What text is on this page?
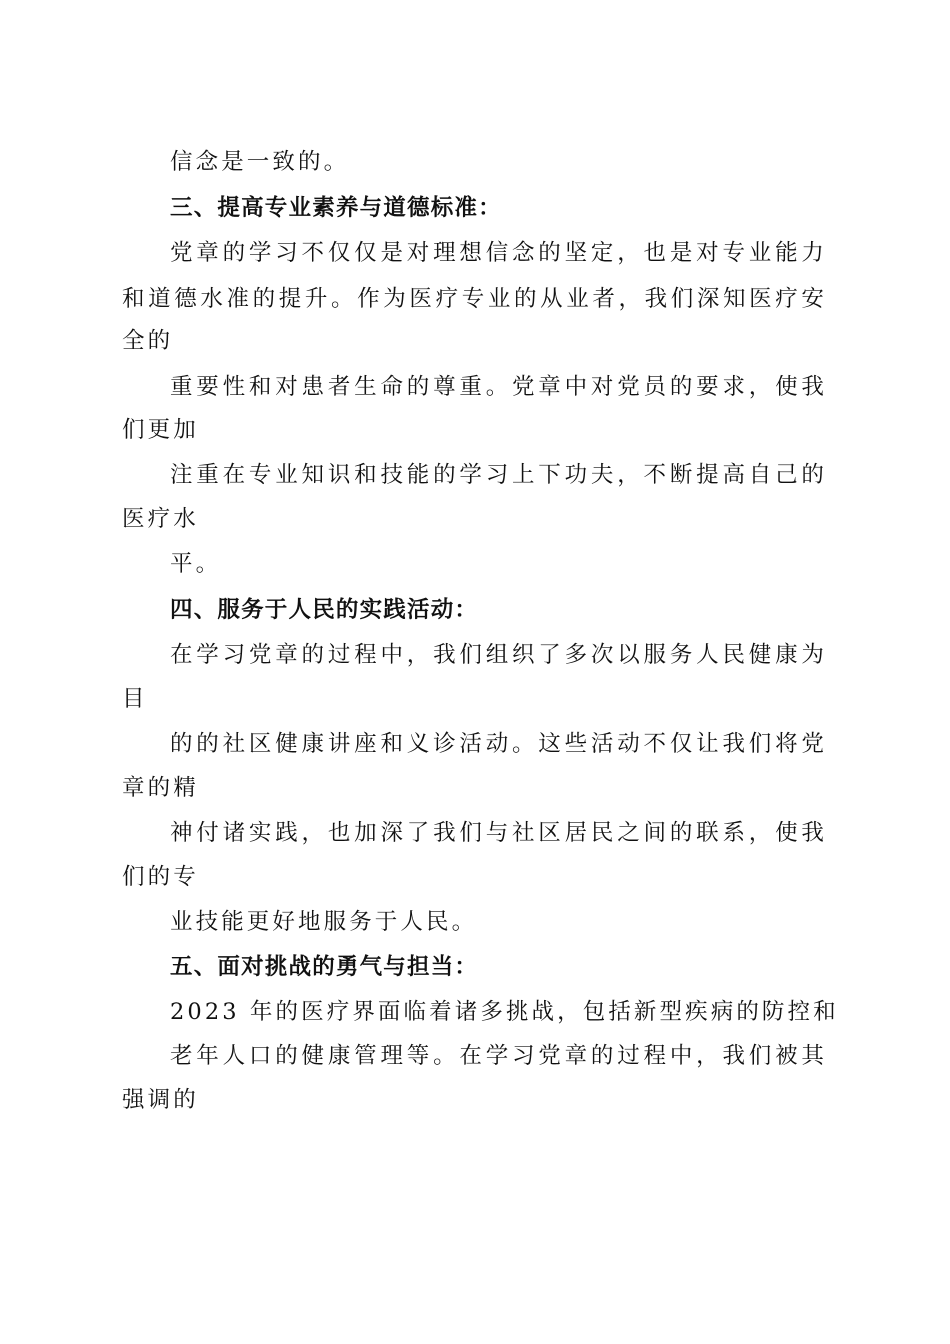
信念是一致的。
三、提高专业素养与道德标准：
党章的学习不仅仅是对理想信念的坚定，也是对专业能力
和道德水准的提升。作为医疗专业的从业者，我们深知医疗安
全的
重要性和对患者生命的尊重。党章中对党员的要求，使我
们更加
注重在专业知识和技能的学习上下功夫，不断提高自己的
医疗水
平。
四、服务于人民的实践活动：
在学习党章的过程中，我们组织了多次以服务人民健康为
目
的的社区健康讲座和义诊活动。这些活动不仅让我们将党
章的精
神付诸实践，也加深了我们与社区居民之间的联系，使我
们的专
业技能更好地服务于人民。
五、面对挑战的勇气与担当：
2023 年的医疗界面临着诸多挑战，包括新型疾病的防控和
老年人口的健康管理等。在学习党章的过程中，我们被其
强调的
